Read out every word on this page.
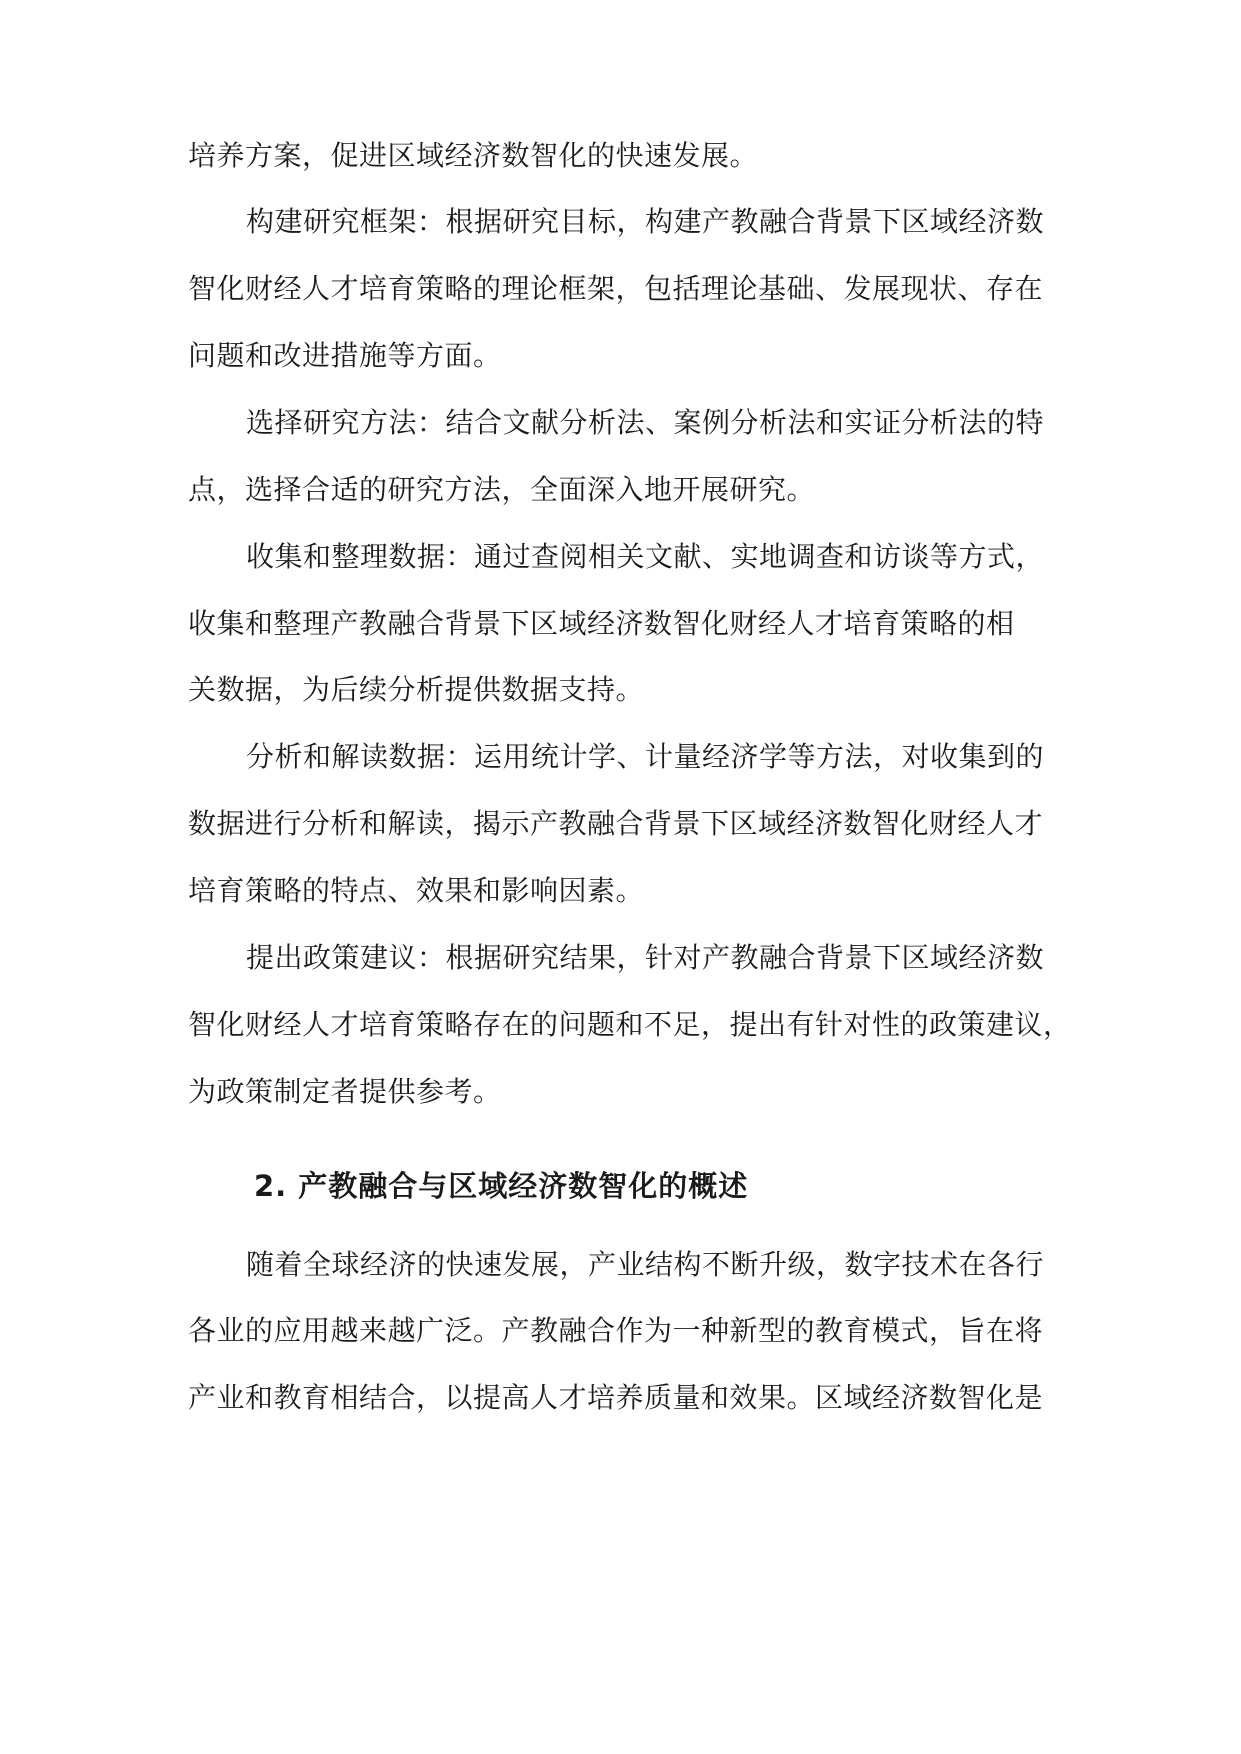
培养方案，促进区域经济数智化的快速发展。
构建研究框架：根据研究目标，构建产教融合背景下区域经济数
智化财经人才培育策略的理论框架，包括理论基础、发展现状、存在
问题和改进措施等方面。
选择研究方法：结合文献分析法、案例分析法和实证分析法的特
点，选择合适的研究方法，全面深入地开展研究。
收集和整理数据：通过查阅相关文献、实地调查和访谈等方式，
收集和整理产教融合背景下区域经济数智化财经人才培育策略的相
关数据，为后续分析提供数据支持。
分析和解读数据：运用统计学、计量经济学等方法，对收集到的
数据进行分析和解读，揭示产教融合背景下区域经济数智化财经人才
培育策略的特点、效果和影响因素。
提出政策建议：根据研究结果，针对产教融合背景下区域经济数
智化财经人才培育策略存在的问题和不足，提出有针对性的政策建议，
为政策制定者提供参考。
2. 产教融合与区域经济数智化的概述
随着全球经济的快速发展，产业结构不断升级，数字技术在各行
各业的应用越来越广泛。产教融合作为一种新型的教育模式，旨在将
产业和教育相结合，以提高人才培养质量和效果。区域经济数智化是
